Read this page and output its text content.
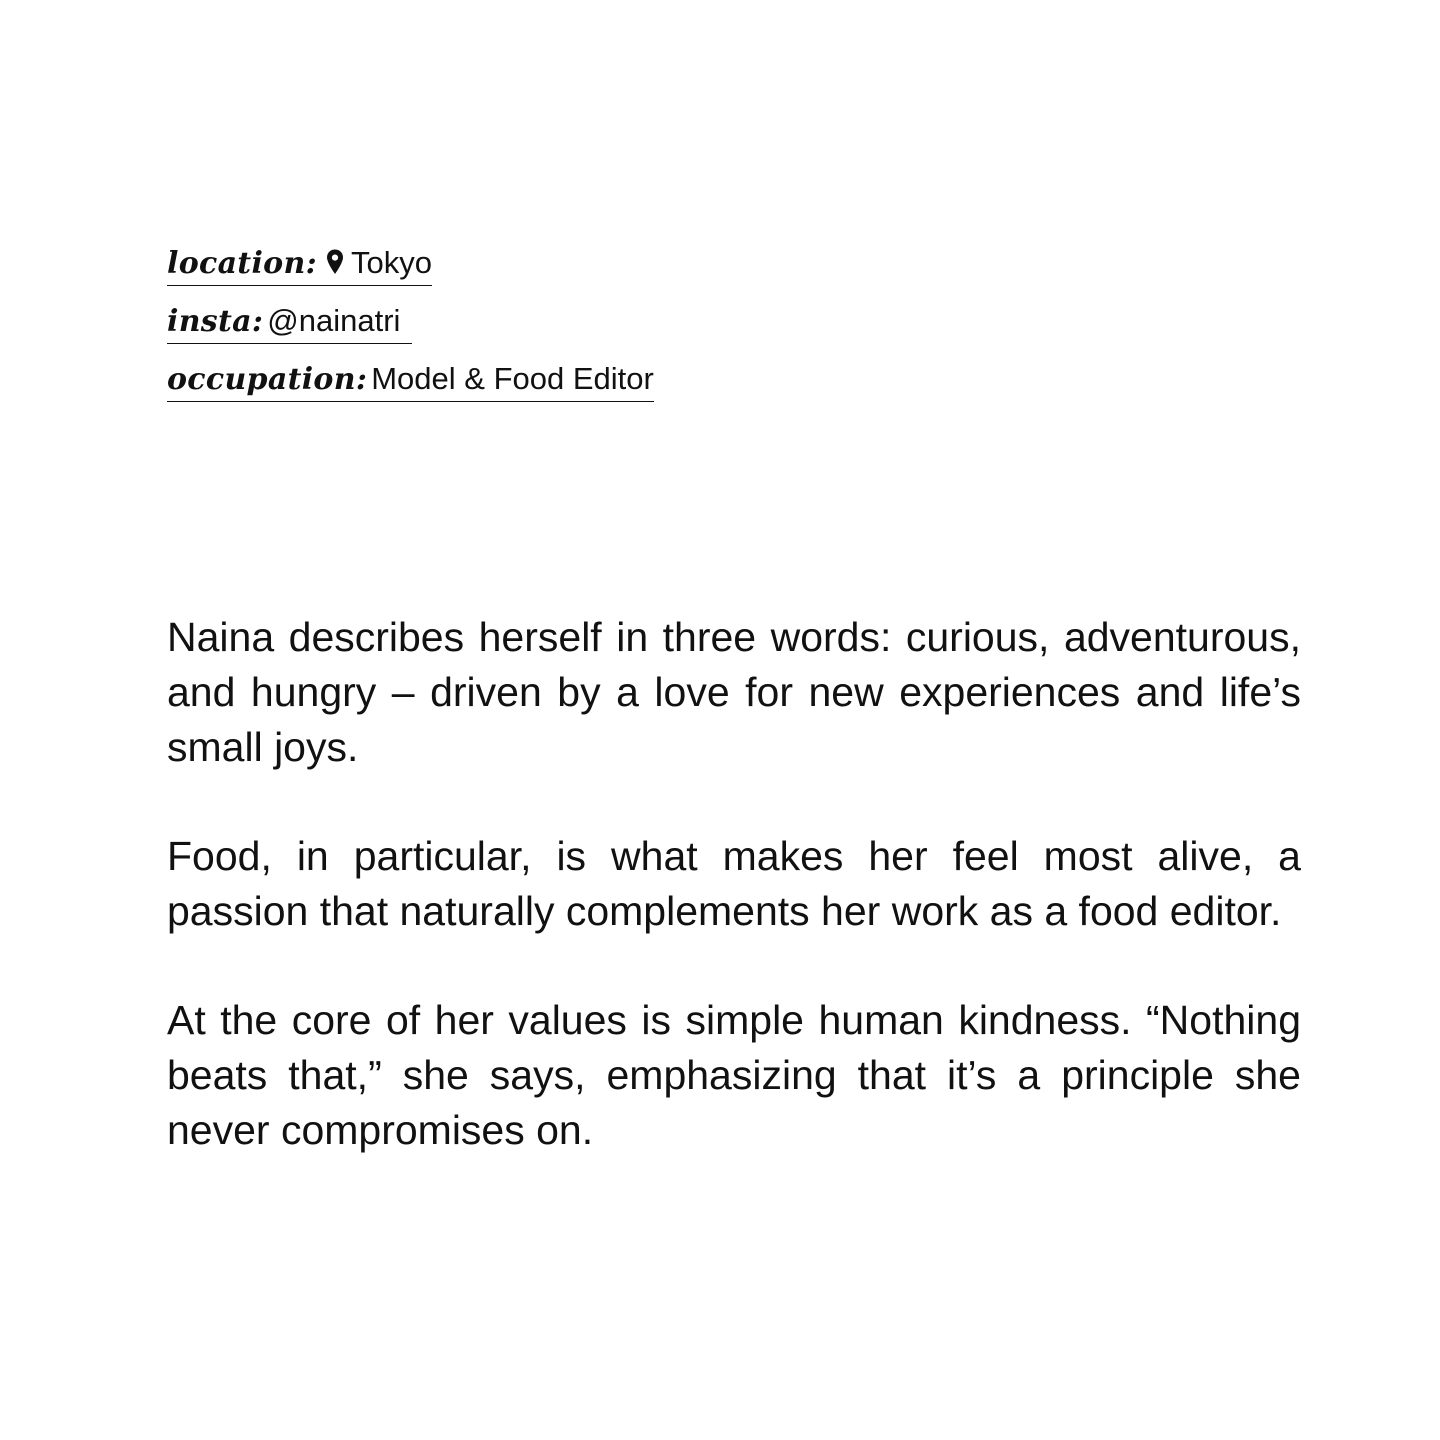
location: Tokyo
insta: @nainatri
occupation: Model & Food Editor

Naina describes herself in three words: curious, adventurous, and hungry – driven by a love for new experiences and life’s small joys.

Food, in particular, is what makes her feel most alive, a passion that naturally complements her work as a food editor.

At the core of her values is simple human kindness. “Nothing beats that,” she says, emphasizing that it’s a principle she never compromises on.
